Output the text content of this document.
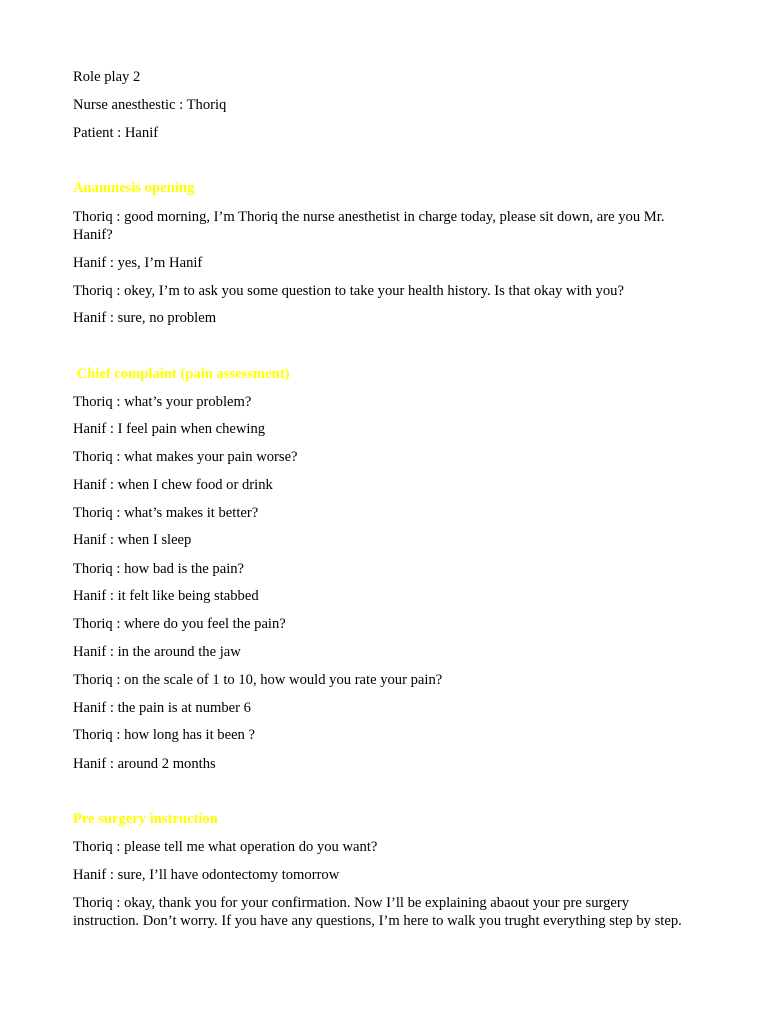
Role play 2

Nurse anesthestic : Thoriq

Patient : Hanif

Anamnesis opening

Thoriq : good morning, I’m Thoriq the nurse anesthetist in charge today, please sit down, are you Mr. Hanif?

Hanif : yes, I’m Hanif

Thoriq : okey, I’m to ask you some question to take your health history. Is that okay with you?

Hanif : sure, no problem

Chief complaint (pain assessment)

Thoriq : what’s your problem?

Hanif : I feel pain when chewing

Thoriq : what makes your pain worse?

Hanif : when I chew food or drink

Thoriq : what’s makes it better?

Hanif : when I sleep

Thoriq : how bad is the pain?

Hanif : it felt like being stabbed

Thoriq : where do you feel the pain?

Hanif : in the around the jaw

Thoriq : on the scale of 1 to 10, how would you rate your pain?

Hanif : the pain is at number 6

Thoriq : how long has it been ?

Hanif : around 2 months

Pre surgery instruction

Thoriq : please tell me what operation do you want?

Hanif : sure, I’ll have odontectomy tomorrow

Thoriq : okay, thank you for your confirmation. Now I’ll be explaining abaout your pre surgery instruction. Don’t worry. If you have any questions, I’m here to walk you trught everything step by step.
